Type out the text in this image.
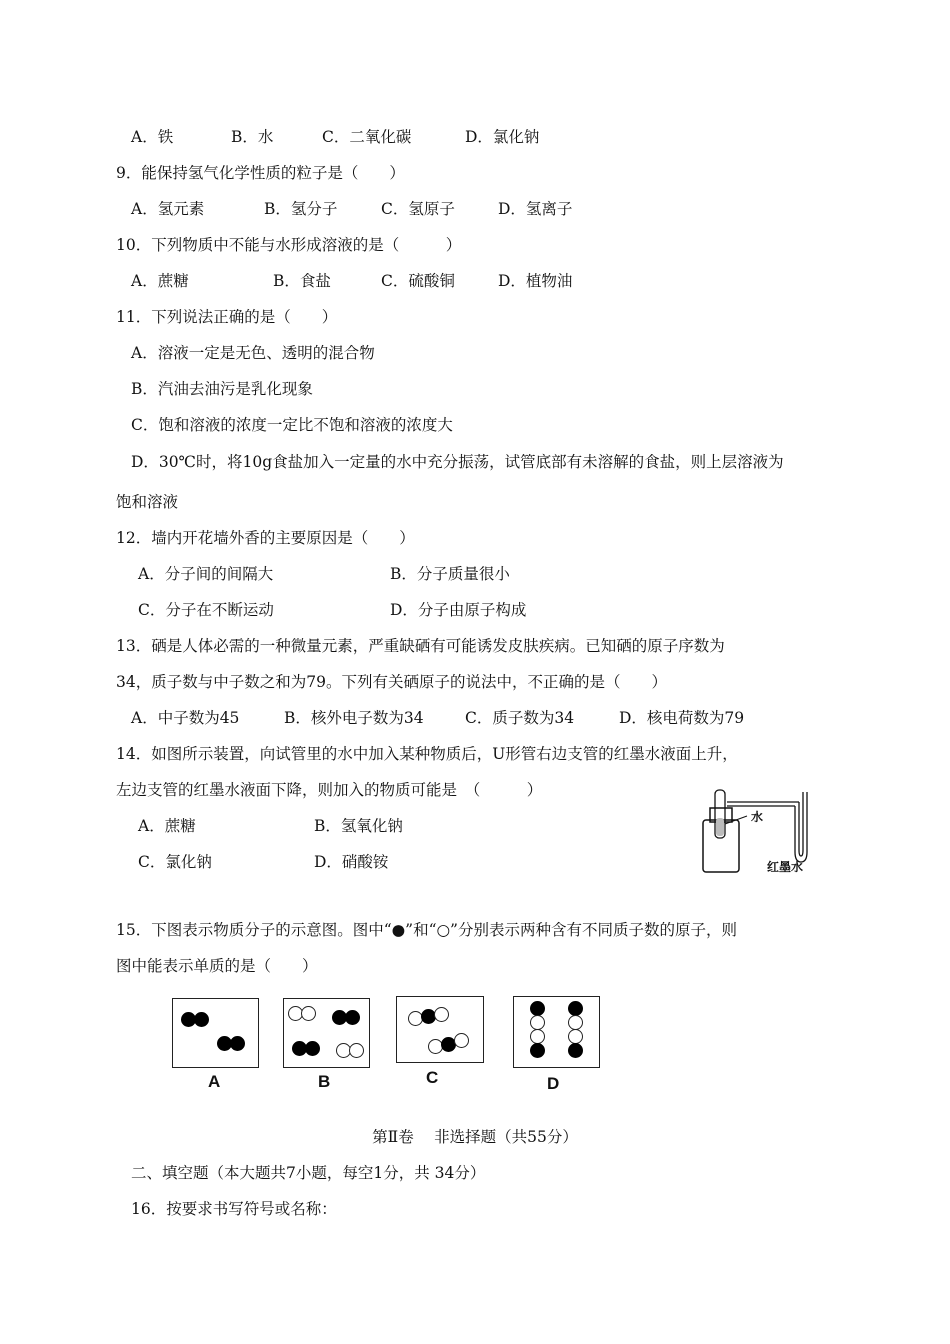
A．铁	B．水	C．二氧化碳	D．氯化钠
9．能保持氢气化学性质的粒子是（　　）
A．氢元素	B．氢分子	C．氢原子	D．氢离子
10．下列物质中不能与水形成溶液的是（　　　）
A．蔗糖	B．食盐	C．硫酸铜	D．植物油
11．下列说法正确的是（　　）
A．溶液一定是无色、透明的混合物
B．汽油去油污是乳化现象
C．饱和溶液的浓度一定比不饱和溶液的浓度大
D．30℃时，将10g食盐加入一定量的水中充分振荡，试管底部有未溶解的食盐，则上层溶液为
饱和溶液
12．墙内开花墙外香的主要原因是（　　）
A．分子间的间隔大	B．分子质量很小
C．分子在不断运动	D．分子由原子构成
13．硒是人体必需的一种微量元素，严重缺硒有可能诱发皮肤疾病。已知硒的原子序数为
34，质子数与中子数之和为79。下列有关硒原子的说法中，不正确的是（　　）
A．中子数为45	B．核外电子数为34	C．质子数为34	D．核电荷数为79
14．如图所示装置，向试管里的水中加入某种物质后，U形管右边支管的红墨水液面上升，
左边支管的红墨水液面下降，则加入的物质可能是　（　　　）
A．蔗糖	B．氢氧化钠
C．氯化钠	D．硝酸铵
水
红墨水
15．下图表示物质分子的示意图。图中“●”和“○”分别表示两种含有不同质子数的原子，则
图中能表示单质的是（　　）
A	B	C	D
第Ⅱ卷　 非选择题（共55分）
二、填空题（本大题共7小题，每空1分，共 34分）
16．按要求书写符号或名称：
